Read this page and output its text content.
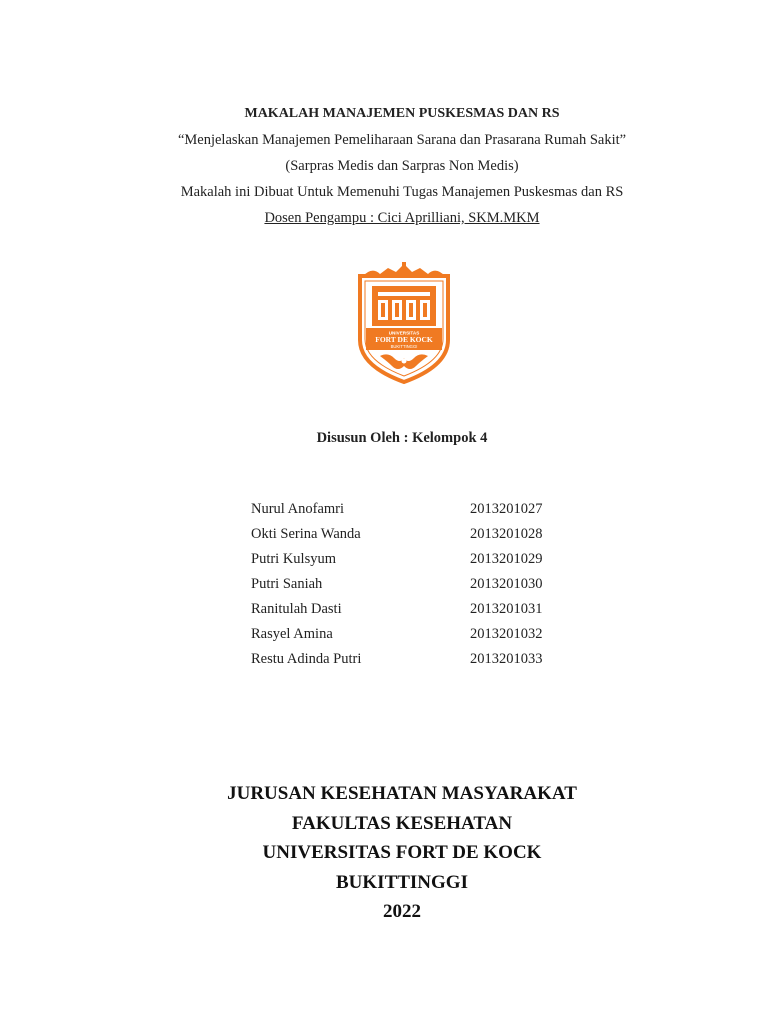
MAKALAH MANAJEMEN PUSKESMAS DAN RS
“Menjelaskan Manajemen Pemeliharaan Sarana dan Prasarana Rumah Sakit”
(Sarpras Medis dan Sarpras Non Medis)
Makalah ini Dibuat Untuk Memenuhi Tugas Manajemen Puskesmas dan RS
Dosen Pengampu : Cici Aprilliani, SKM.MKM
UNIVERSITAS
FORT DE KOCK
BUKITTINGGI
Disusun Oleh : Kelompok 4
Nurul Anofamri	2013201027
Okti Serina Wanda	2013201028
Putri Kulsyum	2013201029
Putri Saniah	2013201030
Ranitulah Dasti	2013201031
Rasyel Amina	2013201032
Restu Adinda Putri	2013201033
JURUSAN KESEHATAN MASYARAKAT
FAKULTAS KESEHATAN
UNIVERSITAS FORT DE KOCK
BUKITTINGGI
2022
